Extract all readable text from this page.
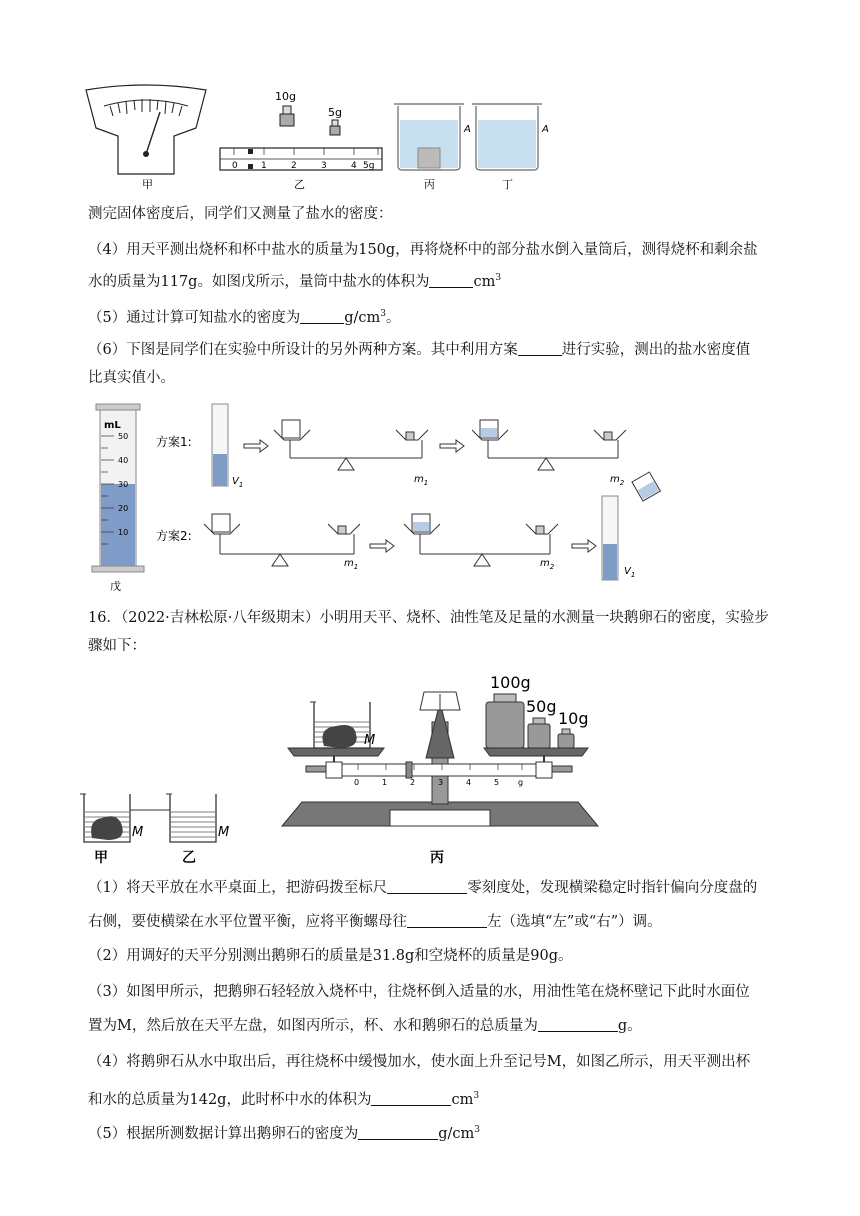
甲
10g
5g
0	1	2	3	4 5g
乙
A
丙
A
丁
测完固体密度后，同学们又测量了盐水的密度：
（4）用天平测出烧杯和杯中盐水的质量为150g，再将烧杯中的部分盐水倒入量筒后，测得烧杯和剩余盐
水的质量为117g。如图戊所示，量筒中盐水的体积为	$cm^3$
（5）通过计算可知盐水的密度为	$g/cm^3$。
（6）下图是同学们在实验中所设计的另外两种方案。其中利用方案	进行实验，测出的盐水密度值
比真实值小。
mL
50
40
30
20
10
戊
方案1:
$V_1$	$m_1$	$m_2$
方案2:
$m_1$	$m_2$	$V_1$
16．（2022·吉林松原·八年级期末）小明用天平、烧杯、油性笔及足量的水测量一块鹅卵石的密度，实验步
骤如下：
M	M
甲	乙
0	1	2	3	4	5 g
M
100g
50g
10g
丙
（1）将天平放在水平桌面上，把游码拨至标尺	零刻度处，发现横梁稳定时指针偏向分度盘的
右侧，要使横梁在水平位置平衡，应将平衡螺母往	左（选填“左”或“右”）调。
（2）用调好的天平分别测出鹅卵石的质量是31.8g和空烧杯的质量是90g。
（3）如图甲所示，把鹅卵石轻轻放入烧杯中，往烧杯倒入适量的水，用油性笔在烧杯壁记下此时水面位
置为M，然后放在天平左盘，如图丙所示，杯、水和鹅卵石的总质量为	g。
（4）将鹅卵石从水中取出后，再往烧杯中缓慢加水，使水面上升至记号M，如图乙所示，用天平测出杯
和水的总质量为142g，此时杯中水的体积为	$cm^3$
（5）根据所测数据计算出鹅卵石的密度为	$g/cm^3$
